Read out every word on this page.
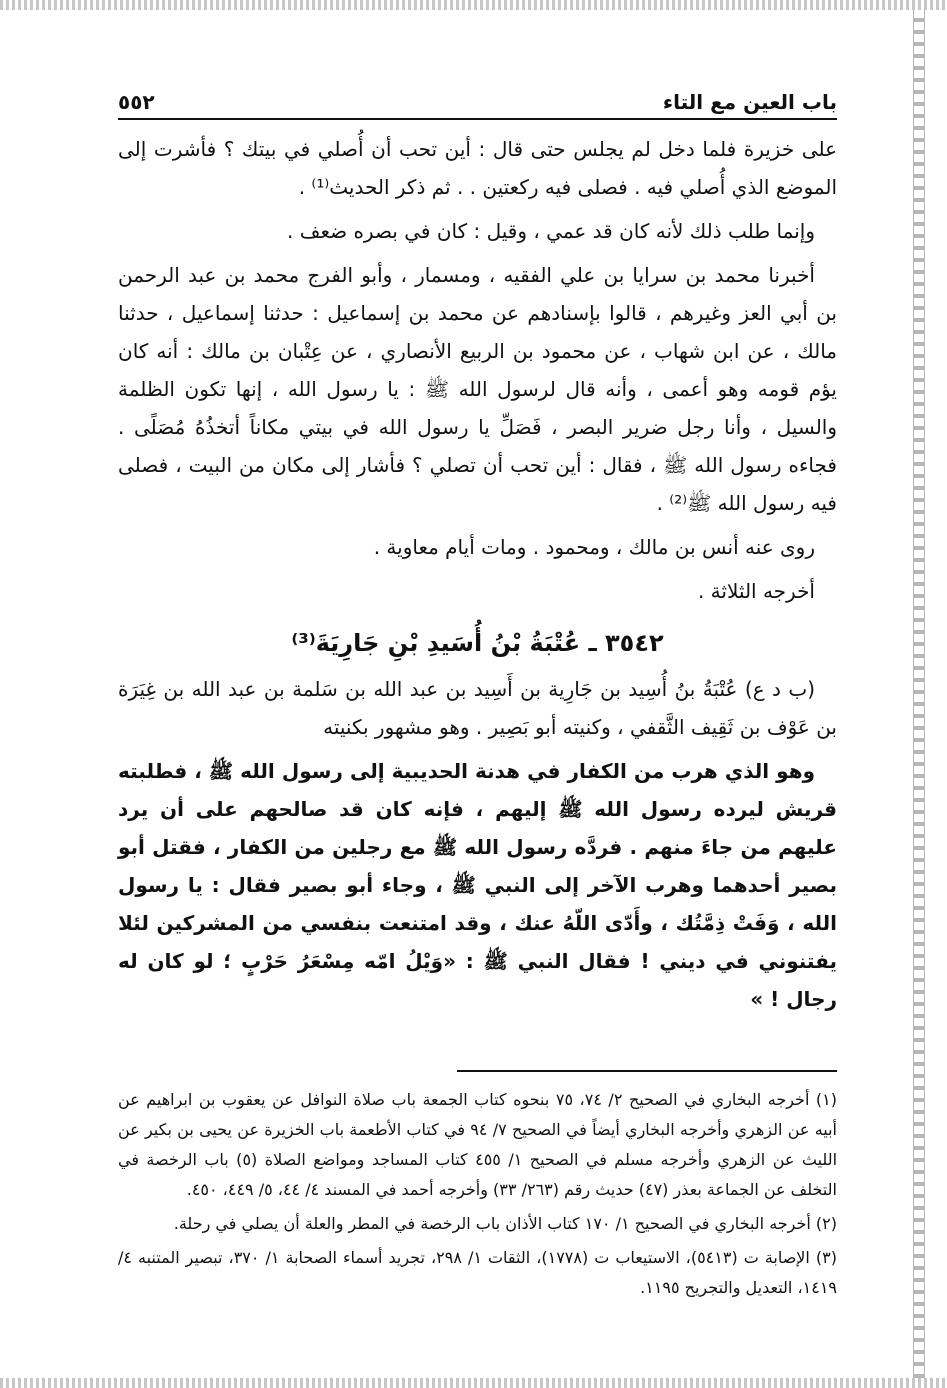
٥٥٢	باب العين مع التاء

على خزيرة فلما دخل لم يجلس حتى قال : أين تحب أن أُصلي في بيتك ؟ فأشرت إلى الموضع الذي أُصلي فيه . فصلى فيه ركعتين . . ثم ذكر الحديث⁽¹⁾ .

وإنما طلب ذلك لأنه كان قد عمي ، وقيل : كان في بصره ضعف .

أخبرنا محمد بن سرايا بن علي الفقيه ، ومسمار ، وأبو الفرج محمد بن عبد الرحمن بن أبي العز وغيرهم ، قالوا بإسنادهم عن محمد بن إسماعيل : حدثنا إسماعيل ، حدثنا مالك ، عن ابن شهاب ، عن محمود بن الربيع الأنصاري ، عن عِتْبان بن مالك : أنه كان يؤم قومه وهو أعمى ، وأنه قال لرسول الله ﷺ : يا رسول الله ، إنها تكون الظلمة والسيل ، وأنا رجل ضرير البصر ، فَصَلِّ يا رسول الله في بيتي مكاناً أتخذُهُ مُصَلًى . فجاءه رسول الله ﷺ ، فقال : أين تحب أن تصلي ؟ فأشار إلى مكان من البيت ، فصلى فيه رسول الله ﷺ⁽²⁾ .

روى عنه أنس بن مالك ، ومحمود . ومات أيام معاوية .

أخرجه الثلاثة .

٣٥٤٢ ـ عُتْبَةُ بْنُ أُسَيدِ بْنِ جَارِيَةَ⁽³⁾

(ب د ع) عُتْبَةُ بنُ أُسِيد بن جَارِية بن أَسِيد بن عبد الله بن سَلمة بن عبد الله بن غِيَرَة بن عَوْف بن ثَقِيف الثَّقفي ، وكنيته أبو بَصِير . وهو مشهور بكنيته

وهو الذي هرب من الكفار في هدنة الحديبية إلى رسول الله ﷺ ، فطلبته قريش ليرده رسول الله ﷺ إليهم ، فإنه كان قد صالحهم على أن يرد عليهم من جاءَ منهم . فردَّه رسول الله ﷺ مع رجلين من الكفار ، فقتل أبو بصير أحدهما وهرب الآخر إلى النبي ﷺ ، وجاء أبو بصير فقال : يا رسول الله ، وَفَتْ ذِمَّتُك ، وأَدّى اللّهُ عنك ، وقد امتنعت بنفسي من المشركين لئلا يفتنوني في ديني ! فقال النبي ﷺ : «وَيْلُ امّه مِسْعَرُ حَرْبٍ ؛ لو كان له رجال ! »

(١) أخرجه البخاري في الصحيح ٢/ ٧٤، ٧٥ بنحوه كتاب الجمعة باب صلاة النوافل عن يعقوب بن ابراهيم عن أبيه عن الزهري وأخرجه البخاري أيضاً في الصحيح ٧/ ٩٤ في كتاب الأطعمة باب الخزيرة عن يحيى بن بكير عن الليث عن الزهري وأخرجه مسلم في الصحيح ١/ ٤٥٥ كتاب المساجد ومواضع الصلاة (٥) باب الرخصة في التخلف عن الجماعة بعذر (٤٧) حديث رقم (٢٦٣/ ٣٣) وأخرجه أحمد في المسند ٤/ ٤٤، ٥/ ٤٤٩، ٤٥٠.

(٢) أخرجه البخاري في الصحيح ١/ ١٧٠ كتاب الأذان باب الرخصة في المطر والعلة أن يصلي في رحلة.

(٣) الإصابة ت (٥٤١٣)، الاستيعاب ت (١٧٧٨)، الثقات ١/ ٢٩٨، تجريد أسماء الصحابة ١/ ٣٧٠، تبصير المتنبه ٤/ ١٤١٩، التعديل والتجريح ١١٩٥.
